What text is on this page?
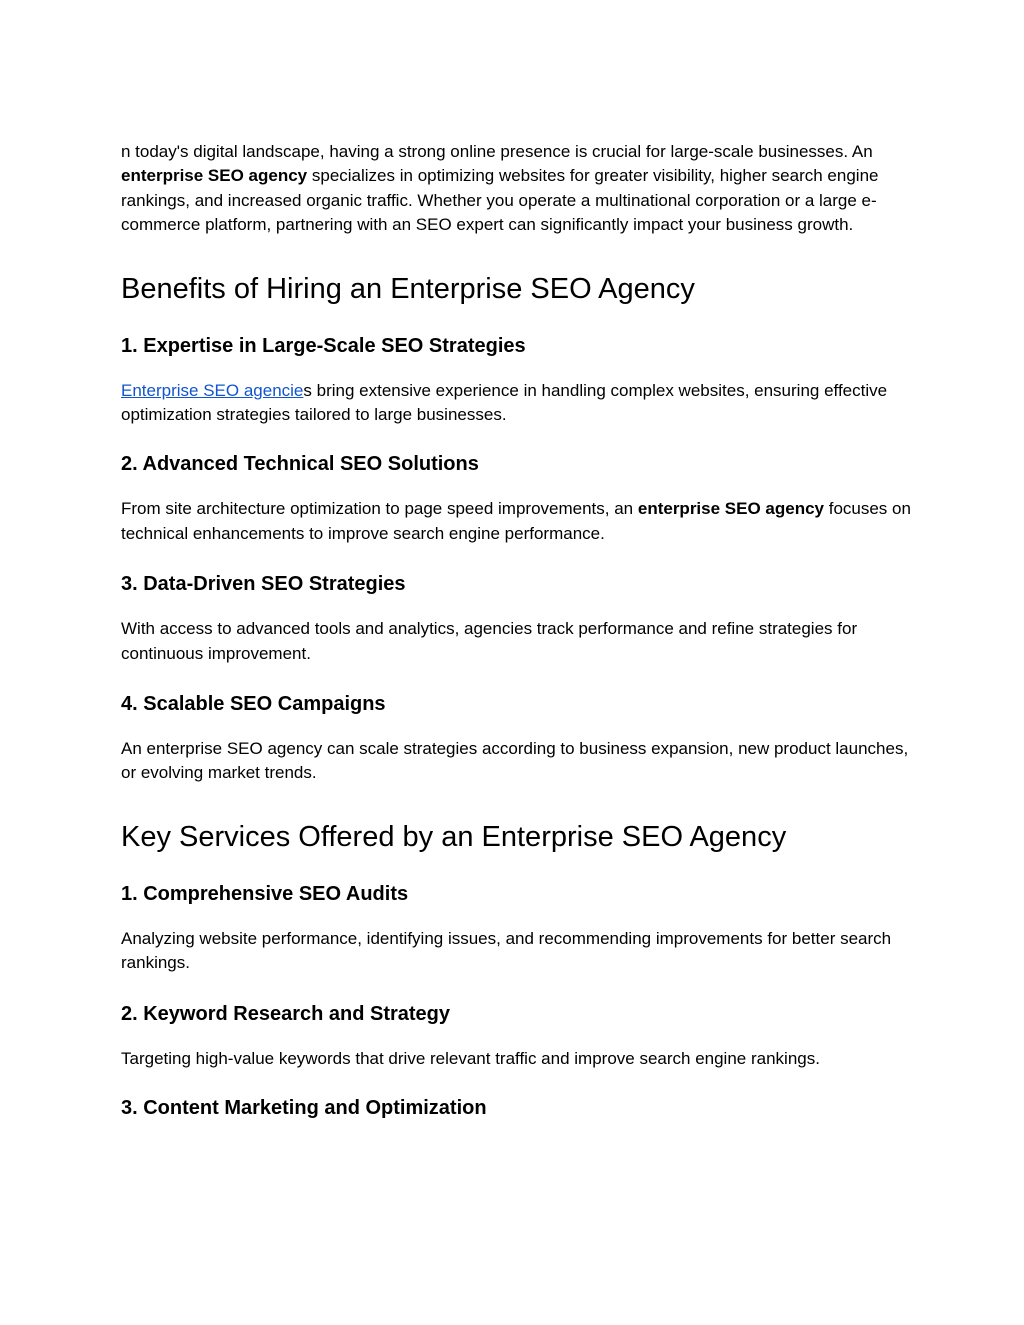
n today's digital landscape, having a strong online presence is crucial for large-scale businesses. An enterprise SEO agency specializes in optimizing websites for greater visibility, higher search engine rankings, and increased organic traffic. Whether you operate a multinational corporation or a large e-commerce platform, partnering with an SEO expert can significantly impact your business growth.

Benefits of Hiring an Enterprise SEO Agency
1. Expertise in Large-Scale SEO Strategies

Enterprise SEO agencies bring extensive experience in handling complex websites, ensuring effective optimization strategies tailored to large businesses.

2. Advanced Technical SEO Solutions

From site architecture optimization to page speed improvements, an enterprise SEO agency focuses on technical enhancements to improve search engine performance.

3. Data-Driven SEO Strategies

With access to advanced tools and analytics, agencies track performance and refine strategies for continuous improvement.

4. Scalable SEO Campaigns

An enterprise SEO agency can scale strategies according to business expansion, new product launches, or evolving market trends.

Key Services Offered by an Enterprise SEO Agency
1. Comprehensive SEO Audits

Analyzing website performance, identifying issues, and recommending improvements for better search rankings.

2. Keyword Research and Strategy

Targeting high-value keywords that drive relevant traffic and improve search engine rankings.

3. Content Marketing and Optimization
